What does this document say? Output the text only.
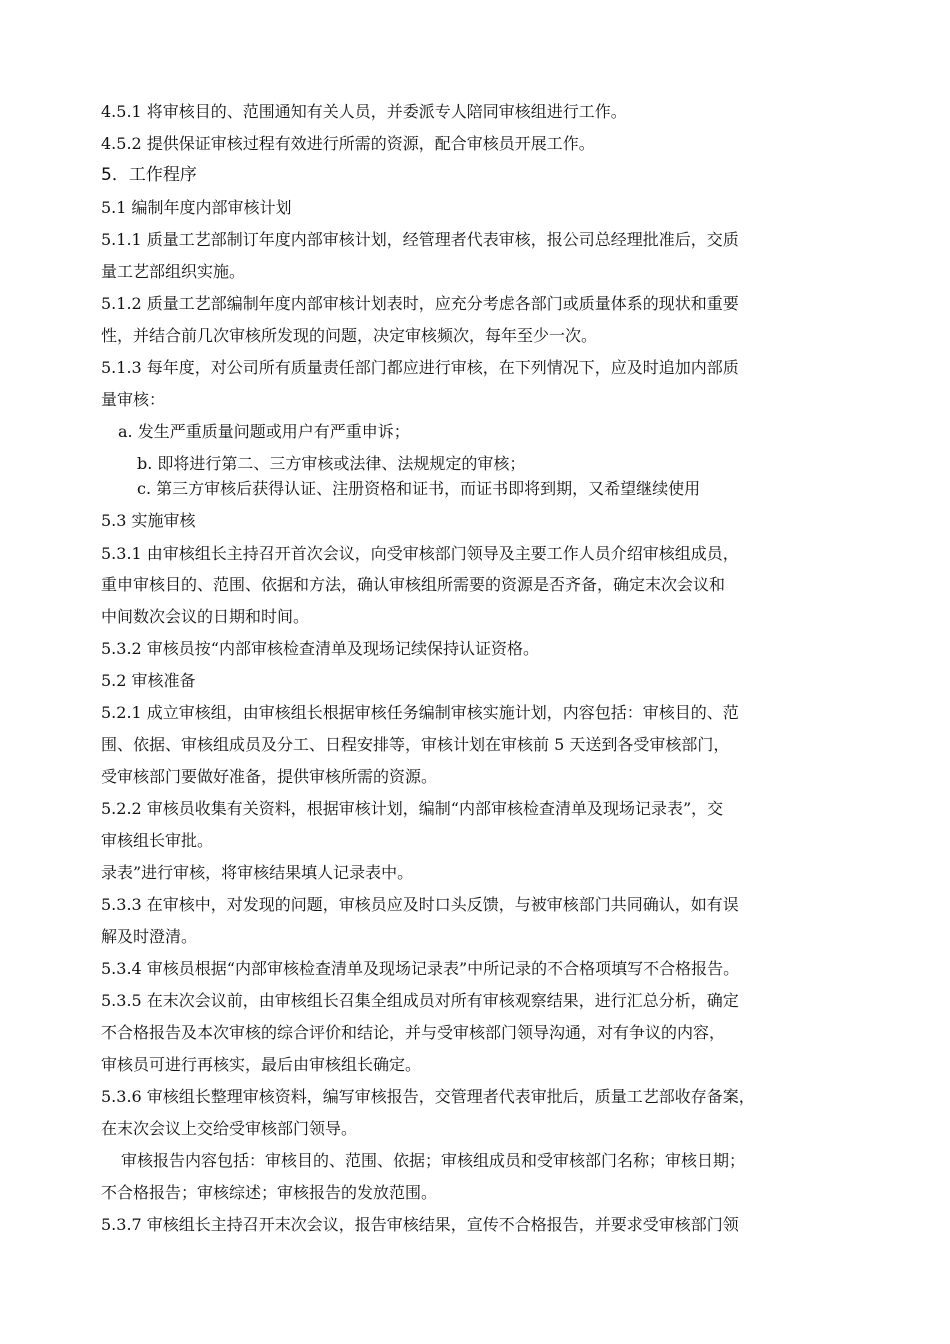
4.5.1 将审核目的、范围通知有关人员，并委派专人陪同审核组进行工作。
4.5.2 提供保证审核过程有效进行所需的资源，配合审核员开展工作。
5．工作程序
5.1 编制年度内部审核计划
5.1.1 质量工艺部制订年度内部审核计划，经管理者代表审核，报公司总经理批准后，交质
量工艺部组织实施。
5.1.2 质量工艺部编制年度内部审核计划表时，应充分考虑各部门或质量体系的现状和重要
性，并结合前几次审核所发现的问题，决定审核频次，每年至少一次。
5.1.3 每年度，对公司所有质量责任部门都应进行审核，在下列情况下，应及时追加内部质
量审核：
a. 发生严重质量问题或用户有严重申诉；
b. 即将进行第二、三方审核或法律、法规规定的审核；
c. 第三方审核后获得认证、注册资格和证书，而证书即将到期，又希望继续使用
5.3 实施审核
5.3.1 由审核组长主持召开首次会议，向受审核部门领导及主要工作人员介绍审核组成员，
重申审核目的、范围、依据和方法，确认审核组所需要的资源是否齐备，确定末次会议和
中间数次会议的日期和时间。
5.3.2 审核员按“内部审核检查清单及现场记续保持认证资格。
5.2 审核准备
5.2.1 成立审核组，由审核组长根据审核任务编制审核实施计划，内容包括：审核目的、范
围、依据、审核组成员及分工、日程安排等，审核计划在审核前 5 天送到各受审核部门，
受审核部门要做好准备，提供审核所需的资源。
5.2.2 审核员收集有关资料，根据审核计划，编制“内部审核检查清单及现场记录表”，交
审核组长审批。
录表”进行审核，将审核结果填人记录表中。
5.3.3 在审核中，对发现的问题，审核员应及时口头反馈，与被审核部门共同确认，如有误
解及时澄清。
5.3.4 审核员根据“内部审核检查清单及现场记录表”中所记录的不合格项填写不合格报告。
5.3.5 在末次会议前，由审核组长召集全组成员对所有审核观察结果，进行汇总分析，确定
不合格报告及本次审核的综合评价和结论，并与受审核部门领导沟通，对有争议的内容，
审核员可进行再核实，最后由审核组长确定。
5.3.6 审核组长整理审核资料，编写审核报告，交管理者代表审批后，质量工艺部收存备案，
在末次会议上交给受审核部门领导。
审核报告内容包括：审核目的、范围、依据；审核组成员和受审核部门名称；审核日期；
不合格报告；审核综述；审核报告的发放范围。
5.3.7 审核组长主持召开末次会议，报告审核结果，宣传不合格报告，并要求受审核部门领
